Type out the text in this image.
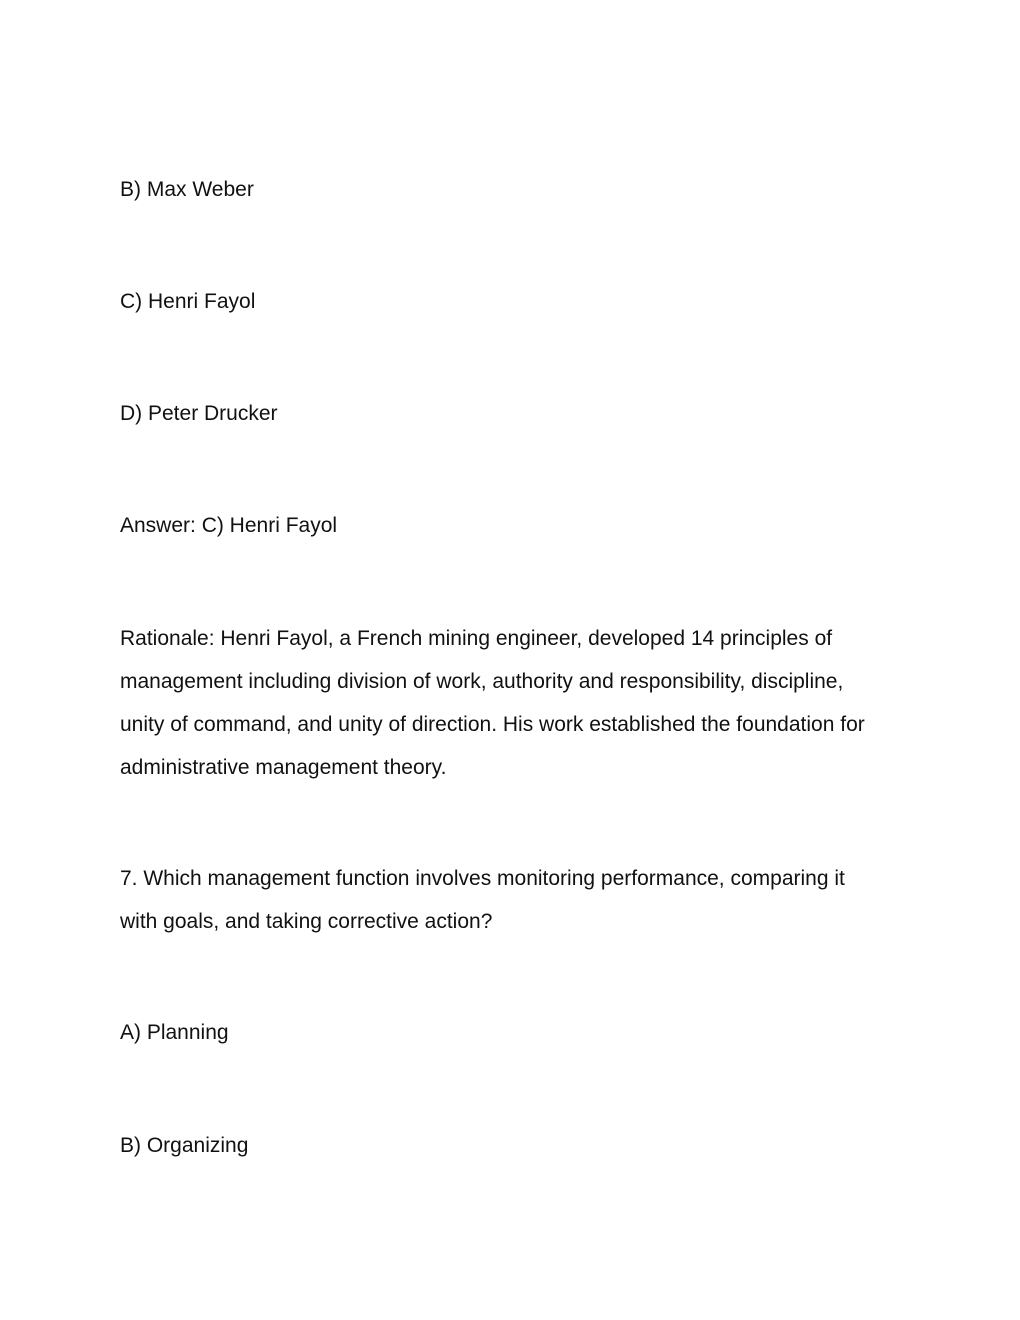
B) Max Weber
C) Henri Fayol
D) Peter Drucker
Answer: C) Henri Fayol
Rationale: Henri Fayol, a French mining engineer, developed 14 principles of
management including division of work, authority and responsibility, discipline,
unity of command, and unity of direction. His work established the foundation for
administrative management theory.
7. Which management function involves monitoring performance, comparing it
with goals, and taking corrective action?
A) Planning
B) Organizing
